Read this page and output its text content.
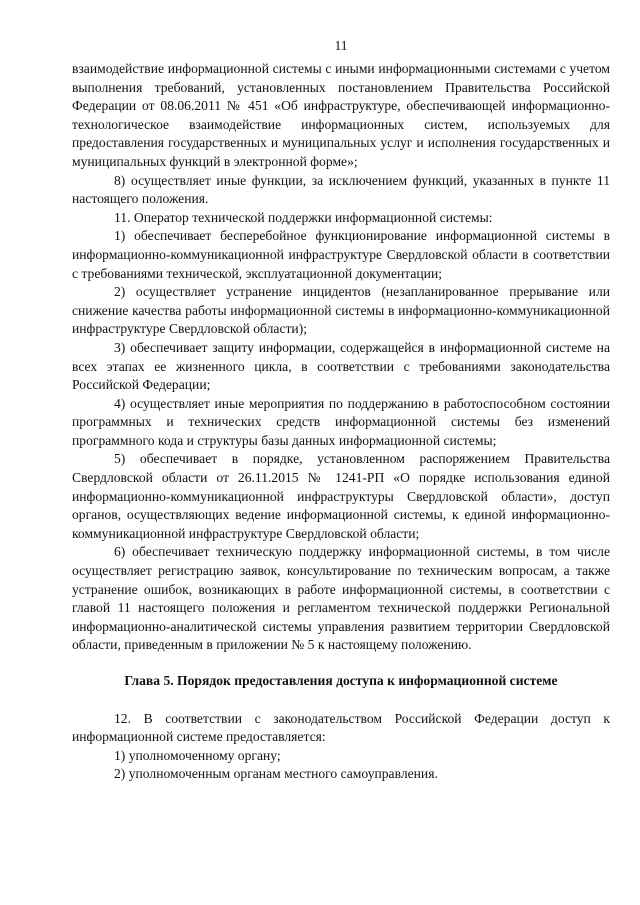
11

взаимодействие информационной системы с иными информационными системами с учетом выполнения требований, установленных постановлением Правительства Российской Федерации от 08.06.2011 № 451 «Об инфраструктуре, обеспечивающей информационно-технологическое взаимодействие информационных систем, используемых для предоставления государственных и муниципальных услуг и исполнения государственных и муниципальных функций в электронной форме»;

8) осуществляет иные функции, за исключением функций, указанных в пункте 11 настоящего положения.

11. Оператор технической поддержки информационной системы:

1) обеспечивает бесперебойное функционирование информационной системы в информационно-коммуникационной инфраструктуре Свердловской области в соответствии с требованиями технической, эксплуатационной документации;

2) осуществляет устранение инцидентов (незапланированное прерывание или снижение качества работы информационной системы в информационно-коммуникационной инфраструктуре Свердловской области);

3) обеспечивает защиту информации, содержащейся в информационной системе на всех этапах ее жизненного цикла, в соответствии с требованиями законодательства Российской Федерации;

4) осуществляет иные мероприятия по поддержанию в работоспособном состоянии программных и технических средств информационной системы без изменений программного кода и структуры базы данных информационной системы;

5) обеспечивает в порядке, установленном распоряжением Правительства Свердловской области от 26.11.2015 № 1241-РП «О порядке использования единой информационно-коммуникационной инфраструктуры Свердловской области», доступ органов, осуществляющих ведение информационной системы, к единой информационно-коммуникационной инфраструктуре Свердловской области;

6) обеспечивает техническую поддержку информационной системы, в том числе осуществляет регистрацию заявок, консультирование по техническим вопросам, а также устранение ошибок, возникающих в работе информационной системы, в соответствии с главой 11 настоящего положения и регламентом технической поддержки Региональной информационно-аналитической системы управления развитием территории Свердловской области, приведенным в приложении № 5 к настоящему положению.

Глава 5. Порядок предоставления доступа к информационной системе

12. В соответствии с законодательством Российской Федерации доступ к информационной системе предоставляется:

1) уполномоченному органу;

2) уполномоченным органам местного самоуправления.
